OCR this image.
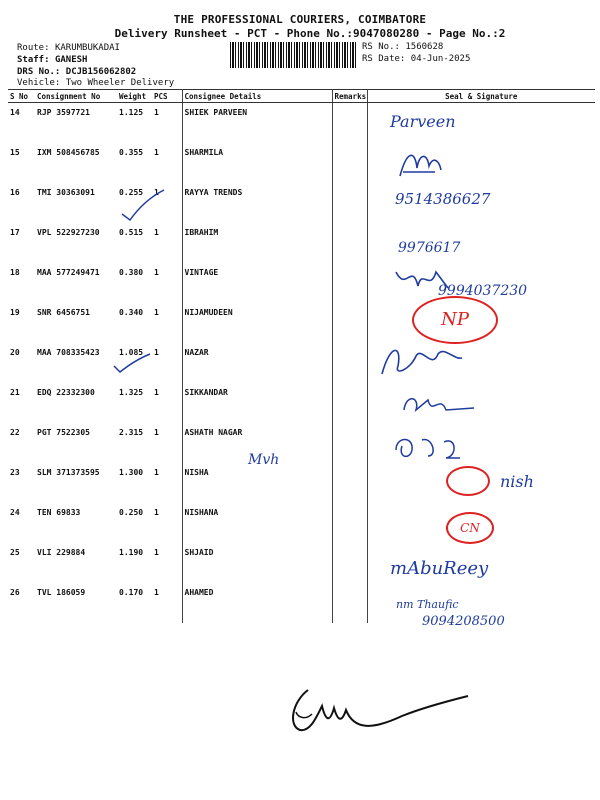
THE PROFESSIONAL COURIERS, COIMBATORE
Delivery Runsheet - PCT - Phone No.:9047080280 - Page No.:2
Route: KARUMBUKADAI
Staff: GANESH
DRS No.: DCJB156062802
Vehicle: Two Wheeler Delivery
RS No.: 1560628
RS Date: 04-Jun-2025
S No	Consignment No	Weight	PCS	Consignee Details	Remarks	Seal & Signature
14	RJP 3597721	1.125	1	SHIEK PARVEEN		
15	IXM 508456785	0.355	1	SHARMILA		
16	TMI 30363091	0.255	1	RAYYA TRENDS		
17	VPL 522927230	0.515	1	IBRAHIM		
18	MAA 577249471	0.380	1	VINTAGE		
19	SNR 6456751	0.340	1	NIJAMUDEEN		
20	MAA 708335423	1.085	1	NAZAR		
21	EDQ 22332300	1.325	1	SIKKANDAR		
22	PGT 7522305	2.315	1	ASHATH NAGAR		
23	SLM 371373595	1.300	1	NISHA		
24	TEN 69833	0.250	1	NISHANA		
25	VLI 229884	1.190	1	SHJAID		
26	TVL 186059	0.170	1	AHAMED		
Parveen
9514386627
9976617
9994037230
NP
Mvh
nish
CN
mAbuReey
nm Thaufic
9094208500
